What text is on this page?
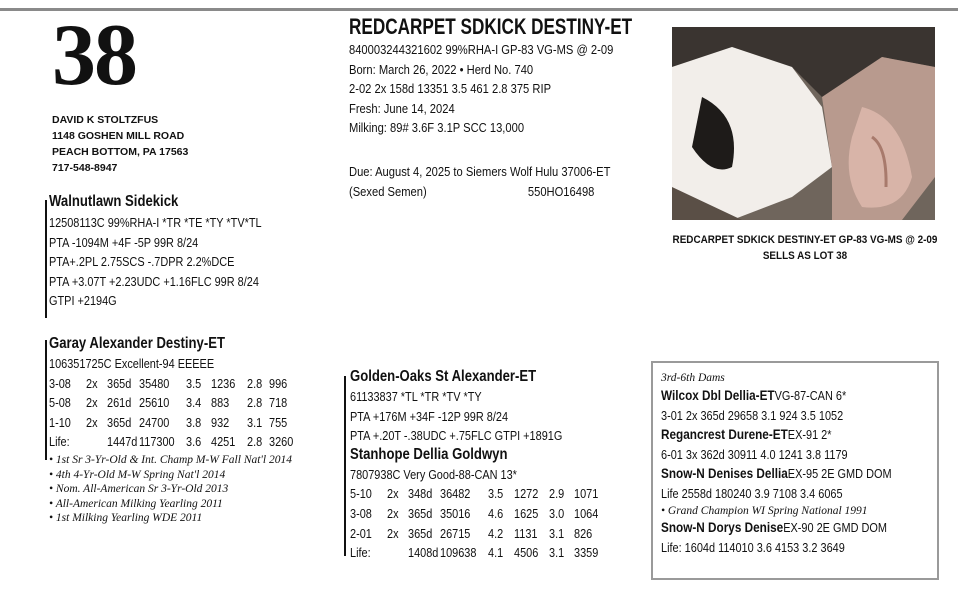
38
DAVID K STOLTZFUS
1148 GOSHEN MILL ROAD
PEACH BOTTOM, PA 17563
717-548-8947
REDCARPET SDKICK DESTINY-ET
840003244321602 99%RHA-I GP-83 VG-MS @ 2-09
Born: March 26, 2022 • Herd No. 740
2-02 2x 158d 13351 3.5 461 2.8 375 RIP
Fresh: June 14, 2024
Milking: 89# 3.6F 3.1P SCC 13,000
Due: August 4, 2025 to Siemers Wolf Hulu 37006-ET
(Sexed Semen)	550HO16498
REDCARPET SDKICK DESTINY-ET GP-83 VG-MS @ 2-09
SELLS AS LOT 38
Walnutlawn Sidekick
12508113C 99%RHA-I *TR *TE *TY *TV*TL
PTA -1094M +4F -5P 99R 8/24
PTA+.2PL 2.75SCS -.7DPR 2.2%DCE
PTA +3.07T +2.23UDC +1.16FLC 99R 8/24
GTPI +2194G
Garay Alexander Destiny-ET
106351725C Excellent-94 EEEEE
3-08 2x 365d 35480 3.5 1236 2.8 996
5-08 2x 261d 25610 3.4 883 2.8 718
1-10 2x 365d 24700 3.8 932 3.1 755
Life:	1447d 117300 3.6 4251 2.8 3260
• 1st Sr 3-Yr-Old & Int. Champ M-W Fall Nat'l 2014
• 4th 4-Yr-Old M-W Spring Nat'l 2014
• Nom. All-American Sr 3-Yr-Old 2013
• All-American Milking Yearling 2011
• 1st Milking Yearling WDE 2011
Golden-Oaks St Alexander-ET
61133837 *TL *TR *TV *TY
PTA +176M +34F -12P 99R 8/24
PTA +.20T -.38UDC +.75FLC GTPI +1891G
Stanhope Dellia Goldwyn
7807938C Very Good-88-CAN 13*
5-10 2x 348d 36482 3.5 1272 2.9 1071
3-08 2x 365d 35016 4.6 1625 3.0 1064
2-01 2x 365d 26715 4.2 1131 3.1 826
Life:	1408d 109638 4.1 4506 3.1 3359
3rd-6th Dams
Wilcox Dbl Dellia-ETVG-87-CAN 6*
3-01 2x 365d 29658 3.1 924 3.5 1052
Regancrest Durene-ETEX-91 2*
6-01 3x 362d 30911 4.0 1241 3.8 1179
Snow-N Denises DelliaEX-95 2E GMD DOM
Life 2558d 180240 3.9 7108 3.4 6065
• Grand Champion WI Spring National 1991
Snow-N Dorys DeniseEX-90 2E GMD DOM
Life: 1604d 114010 3.6 4153 3.2 3649
